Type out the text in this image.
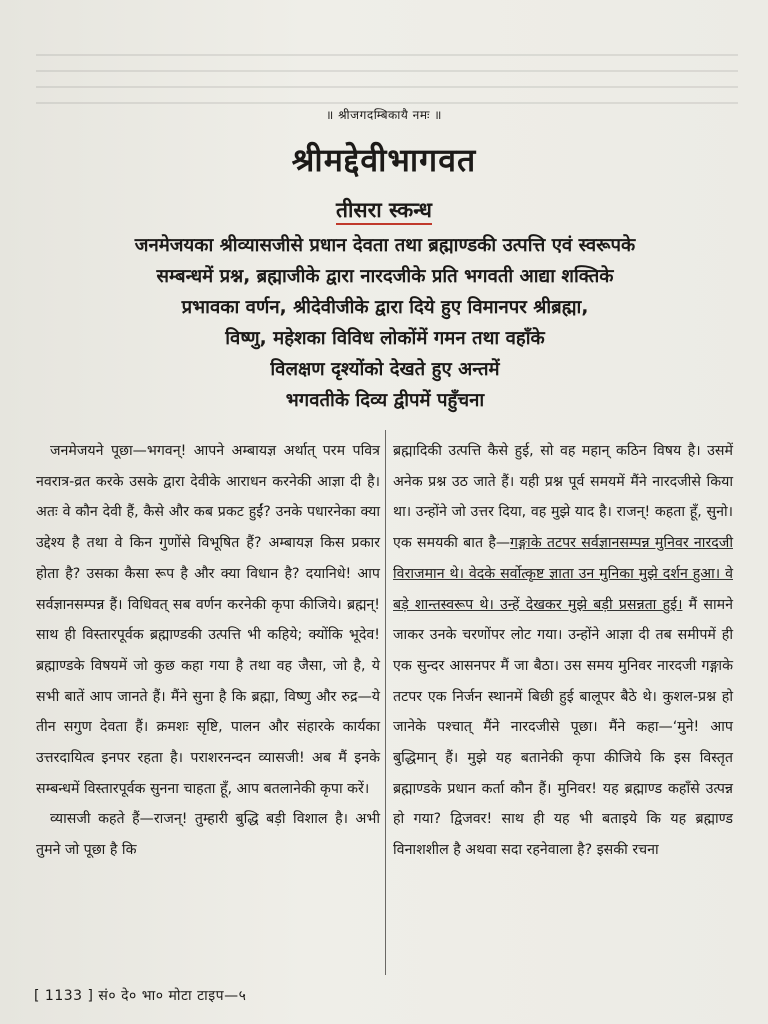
॥ श्रीजगदम्बिकायै नमः ॥
श्रीमद्देवीभागवत
तीसरा स्कन्ध
जनमेजयका श्रीव्यासजीसे प्रधान देवता तथा ब्रह्माण्डकी उत्पत्ति एवं स्वरूपके
सम्बन्धमें प्रश्न, ब्रह्माजीके द्वारा नारदजीके प्रति भगवती आद्या शक्तिके
प्रभावका वर्णन, श्रीदेवीजीके द्वारा दिये हुए विमानपर श्रीब्रह्मा,
विष्णु, महेशका विविध लोकोंमें गमन तथा वहाँके
विलक्षण दृश्योंको देखते हुए अन्तमें
भगवतीके दिव्य द्वीपमें पहुँचना

जनमेजयने पूछा—भगवन्! आपने अम्बायज्ञ अर्थात् परम पवित्र नवरात्र-व्रत करके उसके द्वारा देवीके आराधन करनेकी आज्ञा दी है। अतः वे कौन देवी हैं, कैसे और कब प्रकट हुईं? उनके पधारनेका क्या उद्देश्य है तथा वे किन गुणोंसे विभूषित हैं? अम्बायज्ञ किस प्रकार होता है? उसका कैसा रूप है और क्या विधान है? दयानिधे! आप सर्वज्ञानसम्पन्न हैं। विधिवत् सब वर्णन करनेकी कृपा कीजिये। ब्रह्मन्! साथ ही विस्तारपूर्वक ब्रह्माण्डकी उत्पत्ति भी कहिये; क्योंकि भूदेव! ब्रह्माण्डके विषयमें जो कुछ कहा गया है तथा वह जैसा, जो है, ये सभी बातें आप जानते हैं। मैंने सुना है कि ब्रह्मा, विष्णु और रुद्र—ये तीन सगुण देवता हैं। क्रमशः सृष्टि, पालन और संहारके कार्यका उत्तरदायित्व इनपर रहता है। पराशरनन्दन व्यासजी! अब मैं इनके सम्बन्धमें विस्तारपूर्वक सुनना चाहता हूँ, आप बतलानेकी कृपा करें।

व्यासजी कहते हैं—राजन्! तुम्हारी बुद्धि बड़ी विशाल है। अभी तुमने जो पूछा है कि

ब्रह्मादिकी उत्पत्ति कैसे हुई, सो वह महान् कठिन विषय है। उसमें अनेक प्रश्न उठ जाते हैं। यही प्रश्न पूर्व समयमें मैंने नारदजीसे किया था। उन्होंने जो उत्तर दिया, वह मुझे याद है। राजन्! कहता हूँ, सुनो। एक समयकी बात है—गङ्गाके तटपर सर्वज्ञानसम्पन्न मुनिवर नारदजी विराजमान थे। वेदके सर्वोत्कृष्ट ज्ञाता उन मुनिका मुझे दर्शन हुआ। वे बड़े शान्तस्वरूप थे। उन्हें देखकर मुझे बड़ी प्रसन्नता हुई। मैं सामने जाकर उनके चरणोंपर लोट गया। उन्होंने आज्ञा दी तब समीपमें ही एक सुन्दर आसनपर मैं जा बैठा। उस समय मुनिवर नारदजी गङ्गाके तटपर एक निर्जन स्थानमें बिछी हुई बालूपर बैठे थे। कुशल-प्रश्न हो जानेके पश्चात् मैंने नारदजीसे पूछा। मैंने कहा—‘मुने! आप बुद्धिमान् हैं। मुझे यह बतानेकी कृपा कीजिये कि इस विस्तृत ब्रह्माण्डके प्रधान कर्ता कौन हैं। मुनिवर! यह ब्रह्माण्ड कहाँसे उत्पन्न हो गया? द्विजवर! साथ ही यह भी बताइये कि यह ब्रह्माण्ड विनाशशील है अथवा सदा रहनेवाला है? इसकी रचना

[ 1133 ] सं० दे० भा० मोटा टाइप—५
